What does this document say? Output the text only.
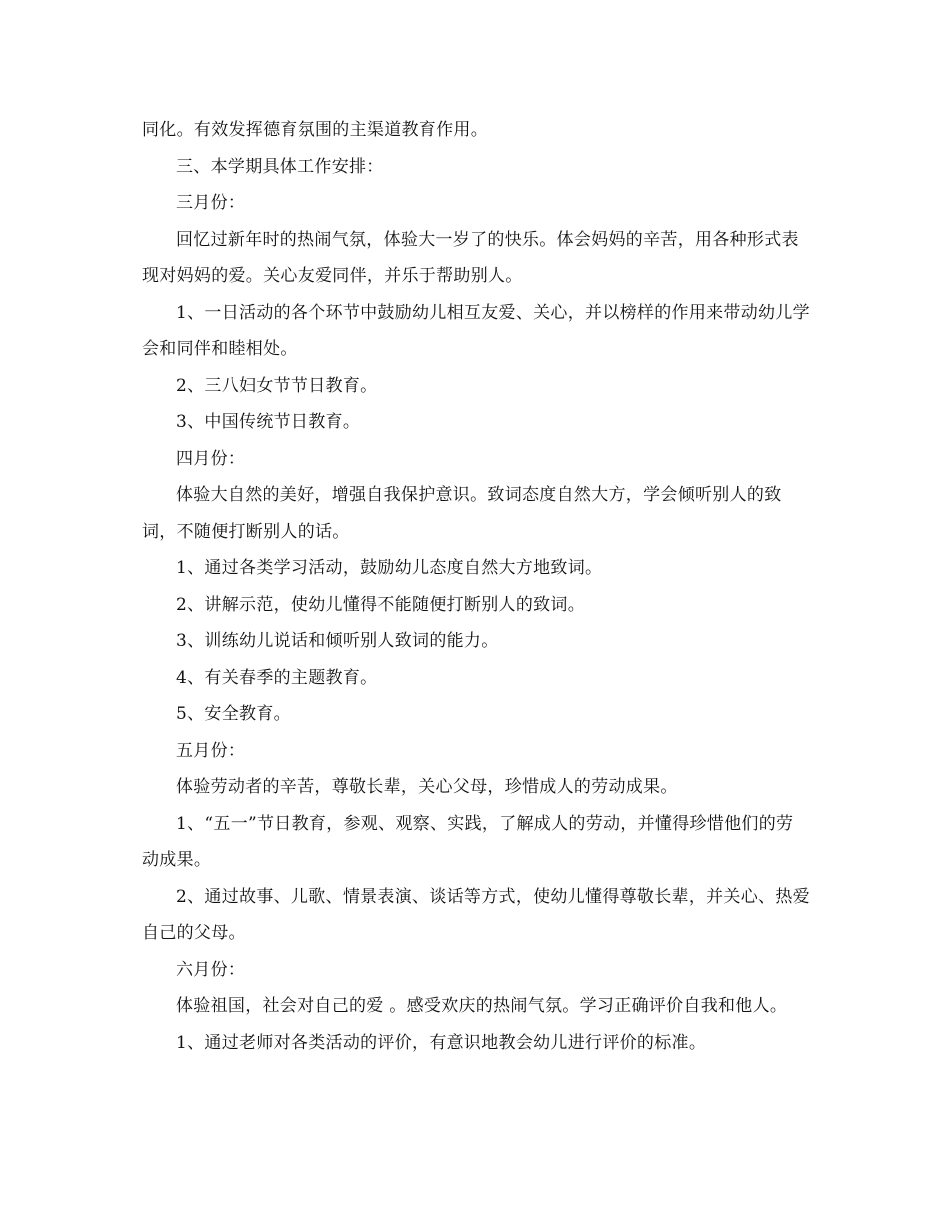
同化。有效发挥德育氛围的主渠道教育作用。

三、本学期具体工作安排：

三月份：

回忆过新年时的热闹气氛，体验大一岁了的快乐。体会妈妈的辛苦，用各种形式表现对妈妈的爱。关心友爱同伴，并乐于帮助别人。

1、一日活动的各个环节中鼓励幼儿相互友爱、关心，并以榜样的作用来带动幼儿学会和同伴和睦相处。

2、三八妇女节节日教育。

3、中国传统节日教育。

四月份：

体验大自然的美好，增强自我保护意识。致词态度自然大方，学会倾听别人的致词，不随便打断别人的话。

1、通过各类学习活动，鼓励幼儿态度自然大方地致词。

2、讲解示范，使幼儿懂得不能随便打断别人的致词。

3、训练幼儿说话和倾听别人致词的能力。

4、有关春季的主题教育。

5、安全教育。

五月份：

体验劳动者的辛苦，尊敬长辈，关心父母，珍惜成人的劳动成果。

1、“五一”节日教育，参观、观察、实践，了解成人的劳动，并懂得珍惜他们的劳动成果。

2、通过故事、儿歌、情景表演、谈话等方式，使幼儿懂得尊敬长辈，并关心、热爱自己的父母。

六月份：

体验祖国，社会对自己的爱 。感受欢庆的热闹气氛。学习正确评价自我和他人。

1、通过老师对各类活动的评价，有意识地教会幼儿进行评价的标准。
